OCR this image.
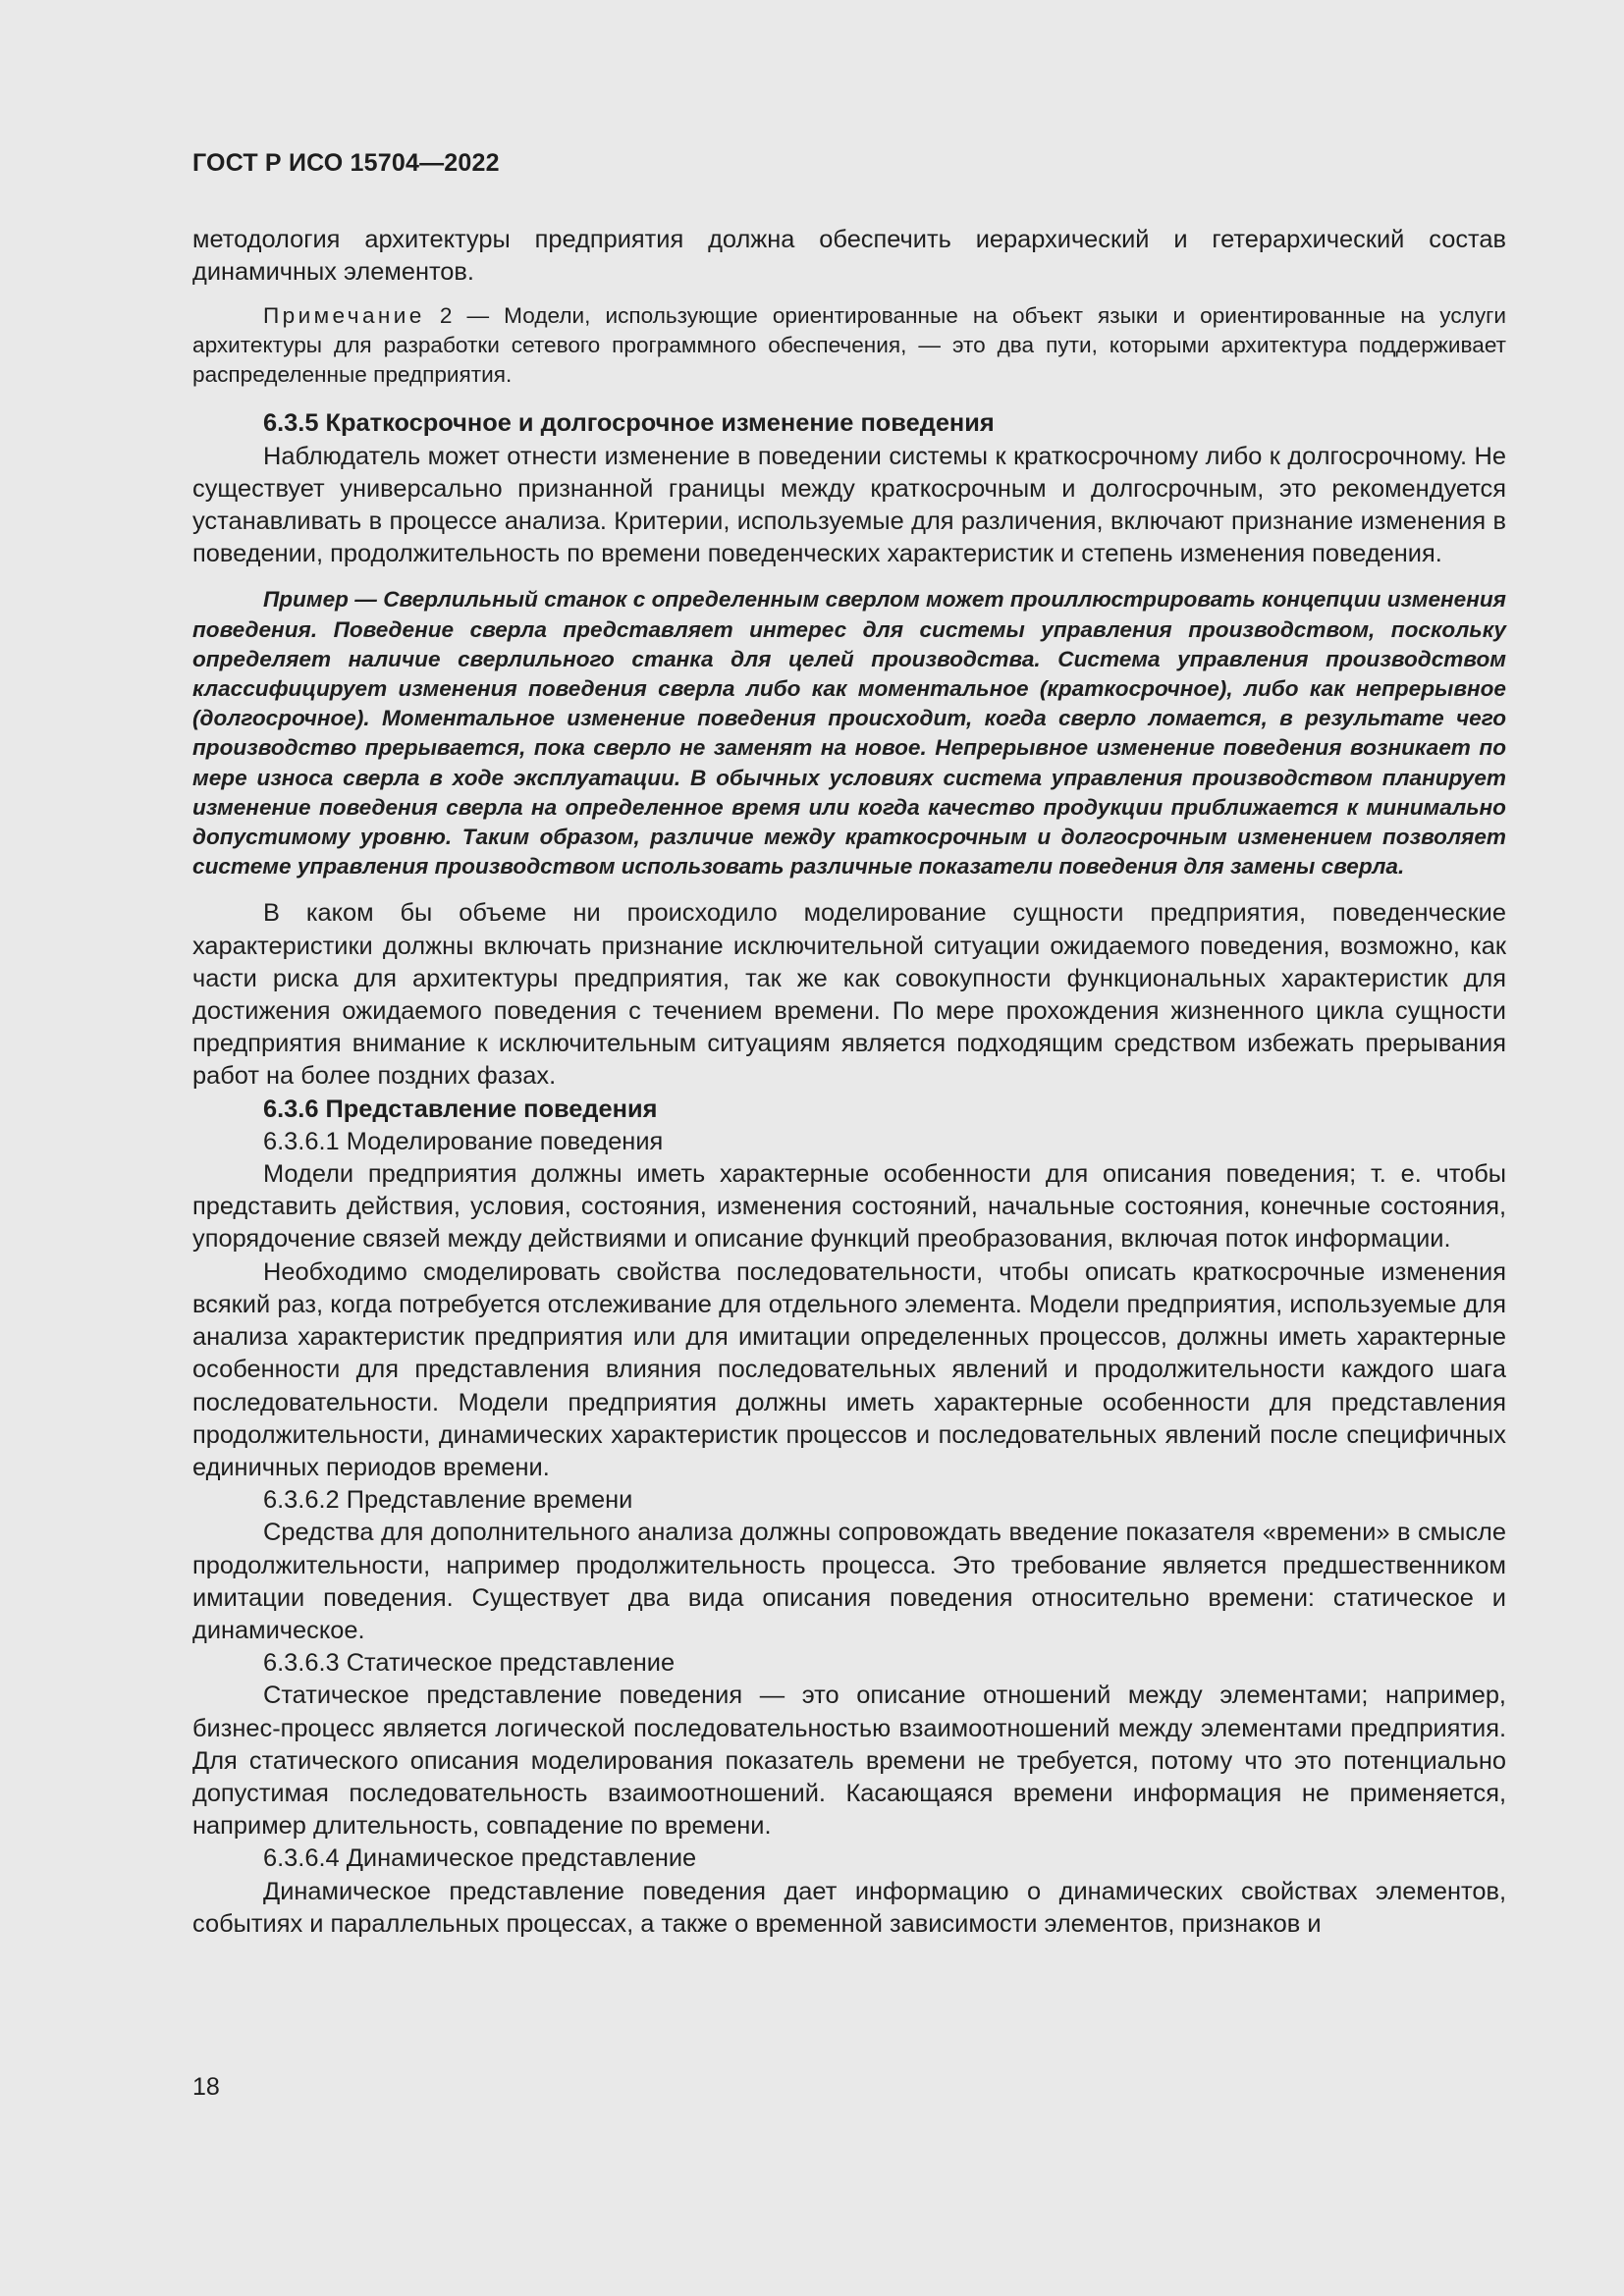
ГОСТ Р ИСО 15704—2022

методология архитектуры предприятия должна обеспечить иерархический и гетерархический состав динамичных элементов.

Примечание 2 — Модели, использующие ориентированные на объект языки и ориентированные на услуги архитектуры для разработки сетевого программного обеспечения, — это два пути, которыми архитектура поддерживает распределенные предприятия.

6.3.5 Краткосрочное и долгосрочное изменение поведения

Наблюдатель может отнести изменение в поведении системы к краткосрочному либо к долгосрочному. Не существует универсально признанной границы между краткосрочным и долгосрочным, это рекомендуется устанавливать в процессе анализа. Критерии, используемые для различения, включают признание изменения в поведении, продолжительность по времени поведенческих характеристик и степень изменения поведения.

Пример — Сверлильный станок с определенным сверлом может проиллюстрировать концепции изменения поведения. Поведение сверла представляет интерес для системы управления производством, поскольку определяет наличие сверлильного станка для целей производства. Система управления производством классифицирует изменения поведения сверла либо как моментальное (краткосрочное), либо как непрерывное (долгосрочное). Моментальное изменение поведения происходит, когда сверло ломается, в результате чего производство прерывается, пока сверло не заменят на новое. Непрерывное изменение поведения возникает по мере износа сверла в ходе эксплуатации. В обычных условиях система управления производством планирует изменение поведения сверла на определенное время или когда качество продукции приближается к минимально допустимому уровню. Таким образом, различие между краткосрочным и долгосрочным изменением позволяет системе управления производством использовать различные показатели поведения для замены сверла.

В каком бы объеме ни происходило моделирование сущности предприятия, поведенческие характеристики должны включать признание исключительной ситуации ожидаемого поведения, возможно, как части риска для архитектуры предприятия, так же как совокупности функциональных характеристик для достижения ожидаемого поведения с течением времени. По мере прохождения жизненного цикла сущности предприятия внимание к исключительным ситуациям является подходящим средством избежать прерывания работ на более поздних фазах.

6.3.6 Представление поведения

6.3.6.1 Моделирование поведения

Модели предприятия должны иметь характерные особенности для описания поведения; т. е. чтобы представить действия, условия, состояния, изменения состояний, начальные состояния, конечные состояния, упорядочение связей между действиями и описание функций преобразования, включая поток информации.

Необходимо смоделировать свойства последовательности, чтобы описать краткосрочные изменения всякий раз, когда потребуется отслеживание для отдельного элемента. Модели предприятия, используемые для анализа характеристик предприятия или для имитации определенных процессов, должны иметь характерные особенности для представления влияния последовательных явлений и продолжительности каждого шага последовательности. Модели предприятия должны иметь характерные особенности для представления продолжительности, динамических характеристик процессов и последовательных явлений после специфичных единичных периодов времени.

6.3.6.2 Представление времени

Средства для дополнительного анализа должны сопровождать введение показателя «времени» в смысле продолжительности, например продолжительность процесса. Это требование является предшественником имитации поведения. Существует два вида описания поведения относительно времени: статическое и динамическое.

6.3.6.3 Статическое представление

Статическое представление поведения — это описание отношений между элементами; например, бизнес-процесс является логической последовательностью взаимоотношений между элементами предприятия. Для статического описания моделирования показатель времени не требуется, потому что это потенциально допустимая последовательность взаимоотношений. Касающаяся времени информация не применяется, например длительность, совпадение по времени.

6.3.6.4 Динамическое представление

Динамическое представление поведения дает информацию о динамических свойствах элементов, событиях и параллельных процессах, а также о временной зависимости элементов, признаков и

18
